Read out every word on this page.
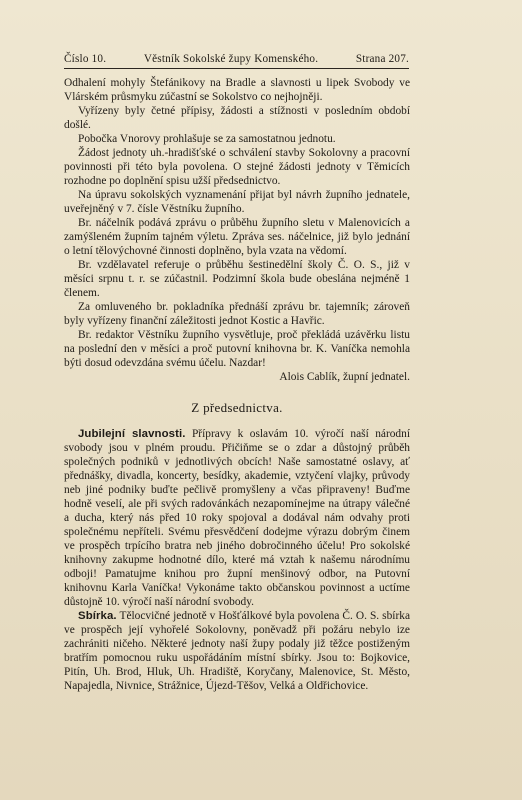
Číslo 10.	Věstník Sokolské župy Komenského.	Strana 207.

Odhalení mohyly Štefánikovy na Bradle a slavnosti u lipek Svobody ve Vlárském průsmyku zúčastní se Sokolstvo co nejhojněji.

Vyřízeny byly četné přípisy, žádosti a stížnosti v posledním období došlé.

Pobočka Vnorovy prohlašuje se za samostatnou jednotu.

Žádost jednoty uh.-hradišťské o schválení stavby Sokolovny a pracovní povinnosti při této byla povolena. O stejné žádosti jednoty v Těmicích rozhodne po doplnění spisu užší předsednictvo.

Na úpravu sokolských vyznamenání přijat byl návrh župního jednatele, uveřejněný v 7. čísle Věstníku župního.

Br. náčelník podává zprávu o průběhu župního sletu v Malenovicích a zamýšleném župním tajném výletu. Zpráva ses. náčelnice, již bylo jednání o letní tělovýchovné činnosti doplněno, byla vzata na vědomí.

Br. vzdělavatel referuje o průběhu šestinedělní školy Č. O. S., již v měsíci srpnu t. r. se zúčastnil. Podzimní škola bude obeslána nejméně 1 členem.

Za omluveného br. pokladníka přednáší zprávu br. tajemník; zároveň byly vyřízeny finanční záležitosti jednot Kostic a Havřic.

Br. redaktor Věstníku župního vysvětluje, proč překládá uzávěrku listu na poslední den v měsíci a proč putovní knihovna br. K. Vaníčka nemohla býti dosud odevzdána svému účelu. Nazdar!

Alois Cablík, župní jednatel.

Z předsednictva.

Jubilejní slavnosti. Přípravy k oslavám 10. výročí naší národní svobody jsou v plném proudu. Přičiňme se o zdar a důstojný průběh společných podniků v jednotlivých obcích! Naše samostatné oslavy, ať přednášky, divadla, koncerty, besídky, akademie, vztyčení vlajky, průvody neb jiné podniky buďte pečlivě promyšleny a včas připraveny! Buďme hodně veselí, ale při svých radovánkách nezapomínejme na útrapy válečné a ducha, který nás před 10 roky spojoval a dodával nám odvahy proti společnému nepříteli. Svému přesvědčení dodejme výrazu dobrým činem ve prospěch trpícího bratra neb jiného dobročinného účelu! Pro sokolské knihovny zakupme hodnotné dílo, které má vztah k našemu národnímu odboji! Pamatujme knihou pro župní menšinový odbor, na Putovní knihovnu Karla Vaníčka! Vykonáme takto občanskou povinnost a uctíme důstojně 10. výročí naší národní svobody.

Sbírka. Tělocvičné jednotě v Hošťálkové byla povolena Č. O. S. sbírka ve prospěch její vyhořelé Sokolovny, poněvadž při požáru nebylo ize zachrániti ničeho. Některé jednoty naší župy podaly již těžce postiženým bratřím pomocnou ruku uspořádáním místní sbírky. Jsou to: Bojkovice, Pitín, Uh. Brod, Hluk, Uh. Hradiště, Koryčany, Malenovice, St. Město, Napajedla, Nivnice, Strážnice, Újezd-Těšov, Velká a Oldřichovice.
